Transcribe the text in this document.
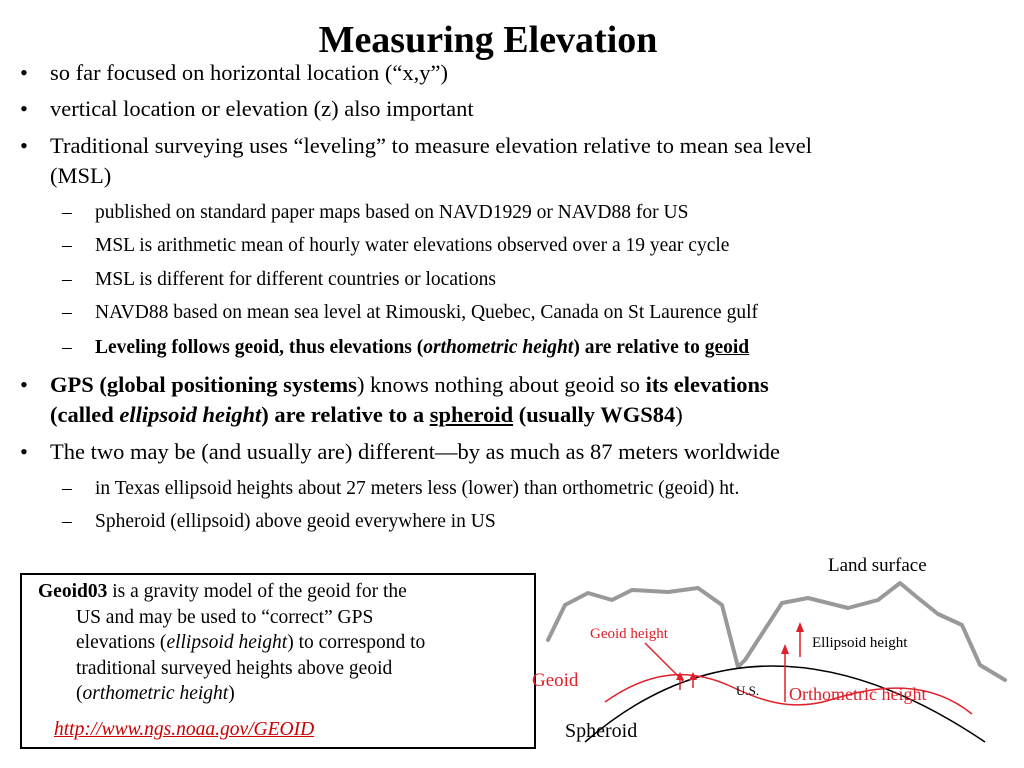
Measuring Elevation
• so far focused on horizontal location (“x,y”)
• vertical location or elevation (z) also important
• Traditional surveying uses “leveling” to measure elevation relative to mean sea level
(MSL)
– published on standard paper maps based on NAVD1929 or NAVD88 for US
– MSL is arithmetic mean of hourly water elevations observed over a 19 year cycle
– MSL is different for different countries or locations
– NAVD88 based on mean sea level at Rimouski, Quebec, Canada on St Laurence gulf
– Leveling follows geoid, thus elevations (orthometric height) are relative to geoid
• GPS (global positioning systems) knows nothing about geoid so its elevations
(called ellipsoid height) are relative to a spheroid (usually WGS84)
• The two may be (and usually are) different—by as much as 87 meters worldwide
– in Texas ellipsoid heights about 27 meters less (lower) than orthometric (geoid) ht.
– Spheroid (ellipsoid) above geoid everywhere in US
Geoid03 is a gravity model of the geoid for the
US and may be used to “correct” GPS
elevations (ellipsoid height) to correspond to
traditional surveyed heights above geoid
(orthometric height)
http://www.ngs.noaa.gov/GEOID
Land surface
Geoid height
Ellipsoid height
Geoid	U.S. Orthometric height
Spheroid
